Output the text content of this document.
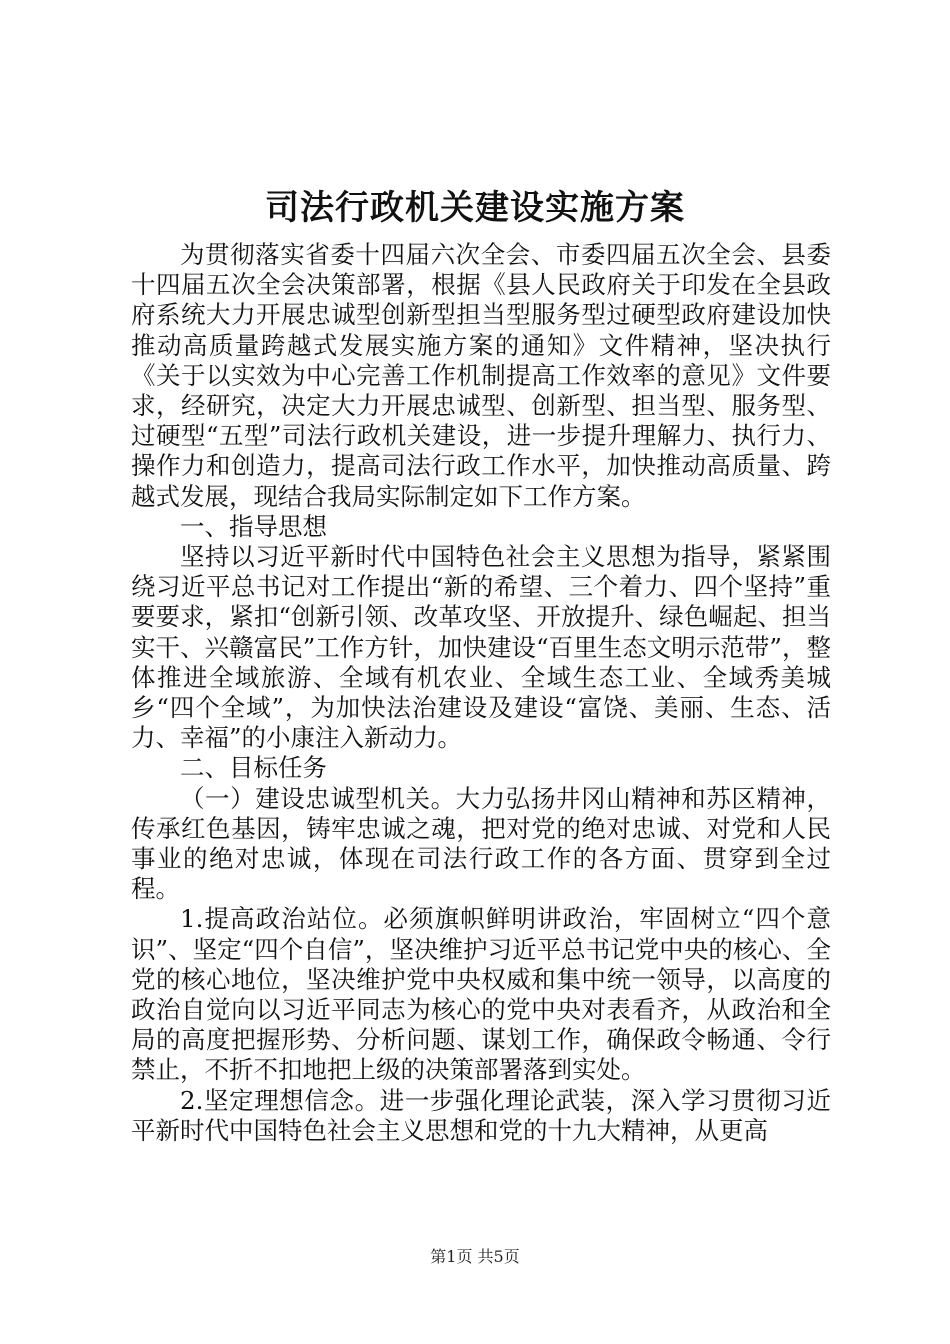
司法行政机关建设实施方案

为贯彻落实省委十四届六次全会、市委四届五次全会、县委十四届五次全会决策部署，根据《县人民政府关于印发在全县政府系统大力开展忠诚型创新型担当型服务型过硬型政府建设加快推动高质量跨越式发展实施方案的通知》文件精神，坚决执行《关于以实效为中心完善工作机制提高工作效率的意见》文件要求，经研究，决定大力开展忠诚型、创新型、担当型、服务型、过硬型“五型”司法行政机关建设，进一步提升理解力、执行力、操作力和创造力，提高司法行政工作水平，加快推动高质量、跨越式发展，现结合我局实际制定如下工作方案。

一、指导思想

坚持以习近平新时代中国特色社会主义思想为指导，紧紧围绕习近平总书记对工作提出“新的希望、三个着力、四个坚持”重要要求，紧扣“创新引领、改革攻坚、开放提升、绿色崛起、担当实干、兴赣富民”工作方针，加快建设“百里生态文明示范带”，整体推进全域旅游、全域有机农业、全域生态工业、全域秀美城乡“四个全域”，为加快法治建设及建设“富饶、美丽、生态、活力、幸福”的小康注入新动力。

二、目标任务

（一）建设忠诚型机关。大力弘扬井冈山精神和苏区精神，传承红色基因，铸牢忠诚之魂，把对党的绝对忠诚、对党和人民事业的绝对忠诚，体现在司法行政工作的各方面、贯穿到全过程。

1.提高政治站位。必须旗帜鲜明讲政治，牢固树立“四个意识”、坚定“四个自信”，坚决维护习近平总书记党中央的核心、全党的核心地位，坚决维护党中央权威和集中统一领导，以高度的政治自觉向以习近平同志为核心的党中央对表看齐，从政治和全局的高度把握形势、分析问题、谋划工作，确保政令畅通、令行禁止，不折不扣地把上级的决策部署落到实处。

2.坚定理想信念。进一步强化理论武装，深入学习贯彻习近平新时代中国特色社会主义思想和党的十九大精神，从更高

第1页 共5页
